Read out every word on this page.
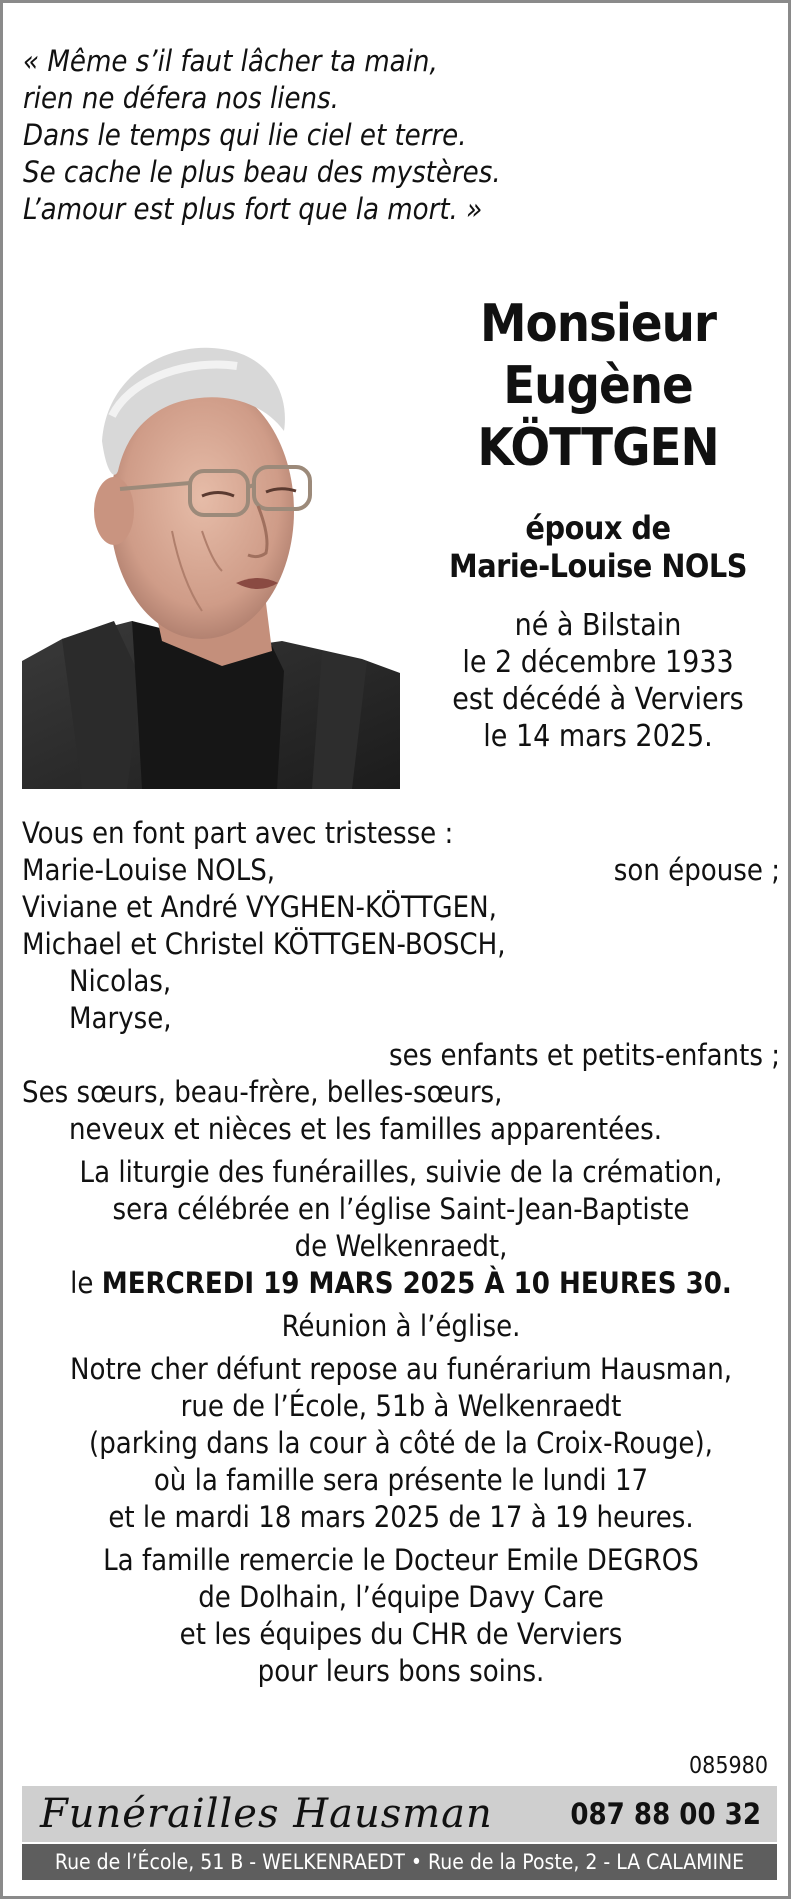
« Même s’il faut lâcher ta main,
rien ne défera nos liens.
Dans le temps qui lie ciel et terre.
Se cache le plus beau des mystères.
L’amour est plus fort que la mort. »
Monsieur
Eugène
KÖTTGEN
époux de
Marie-Louise NOLS
né à Bilstain
le 2 décembre 1933
est décédé à Verviers
le 14 mars 2025.
Vous en font part avec tristesse :
Marie-Louise NOLS,	son épouse ;
Viviane et André VYGHEN-KÖTTGEN,
Michael et Christel KÖTTGEN-BOSCH,
Nicolas,
Maryse,
ses enfants et petits-enfants ;
Ses sœurs, beau-frère, belles-sœurs,
neveux et nièces et les familles apparentées.
La liturgie des funérailles, suivie de la crémation,
sera célébrée en l’église Saint-Jean-Baptiste
de Welkenraedt,
le MERCREDI 19 MARS 2025 À 10 HEURES 30.
Réunion à l’église.
Notre cher défunt repose au funérarium Hausman,
rue de l’École, 51b à Welkenraedt
(parking dans la cour à côté de la Croix-Rouge),
où la famille sera présente le lundi 17
et le mardi 18 mars 2025 de 17 à 19 heures.
La famille remercie le Docteur Emile DEGROS
de Dolhain, l’équipe Davy Care
et les équipes du CHR de Verviers
pour leurs bons soins.
085980
Funérailles Hausman	087 88 00 32
Rue de l’École, 51 B - WELKENRAEDT • Rue de la Poste, 2 - LA CALAMINE
